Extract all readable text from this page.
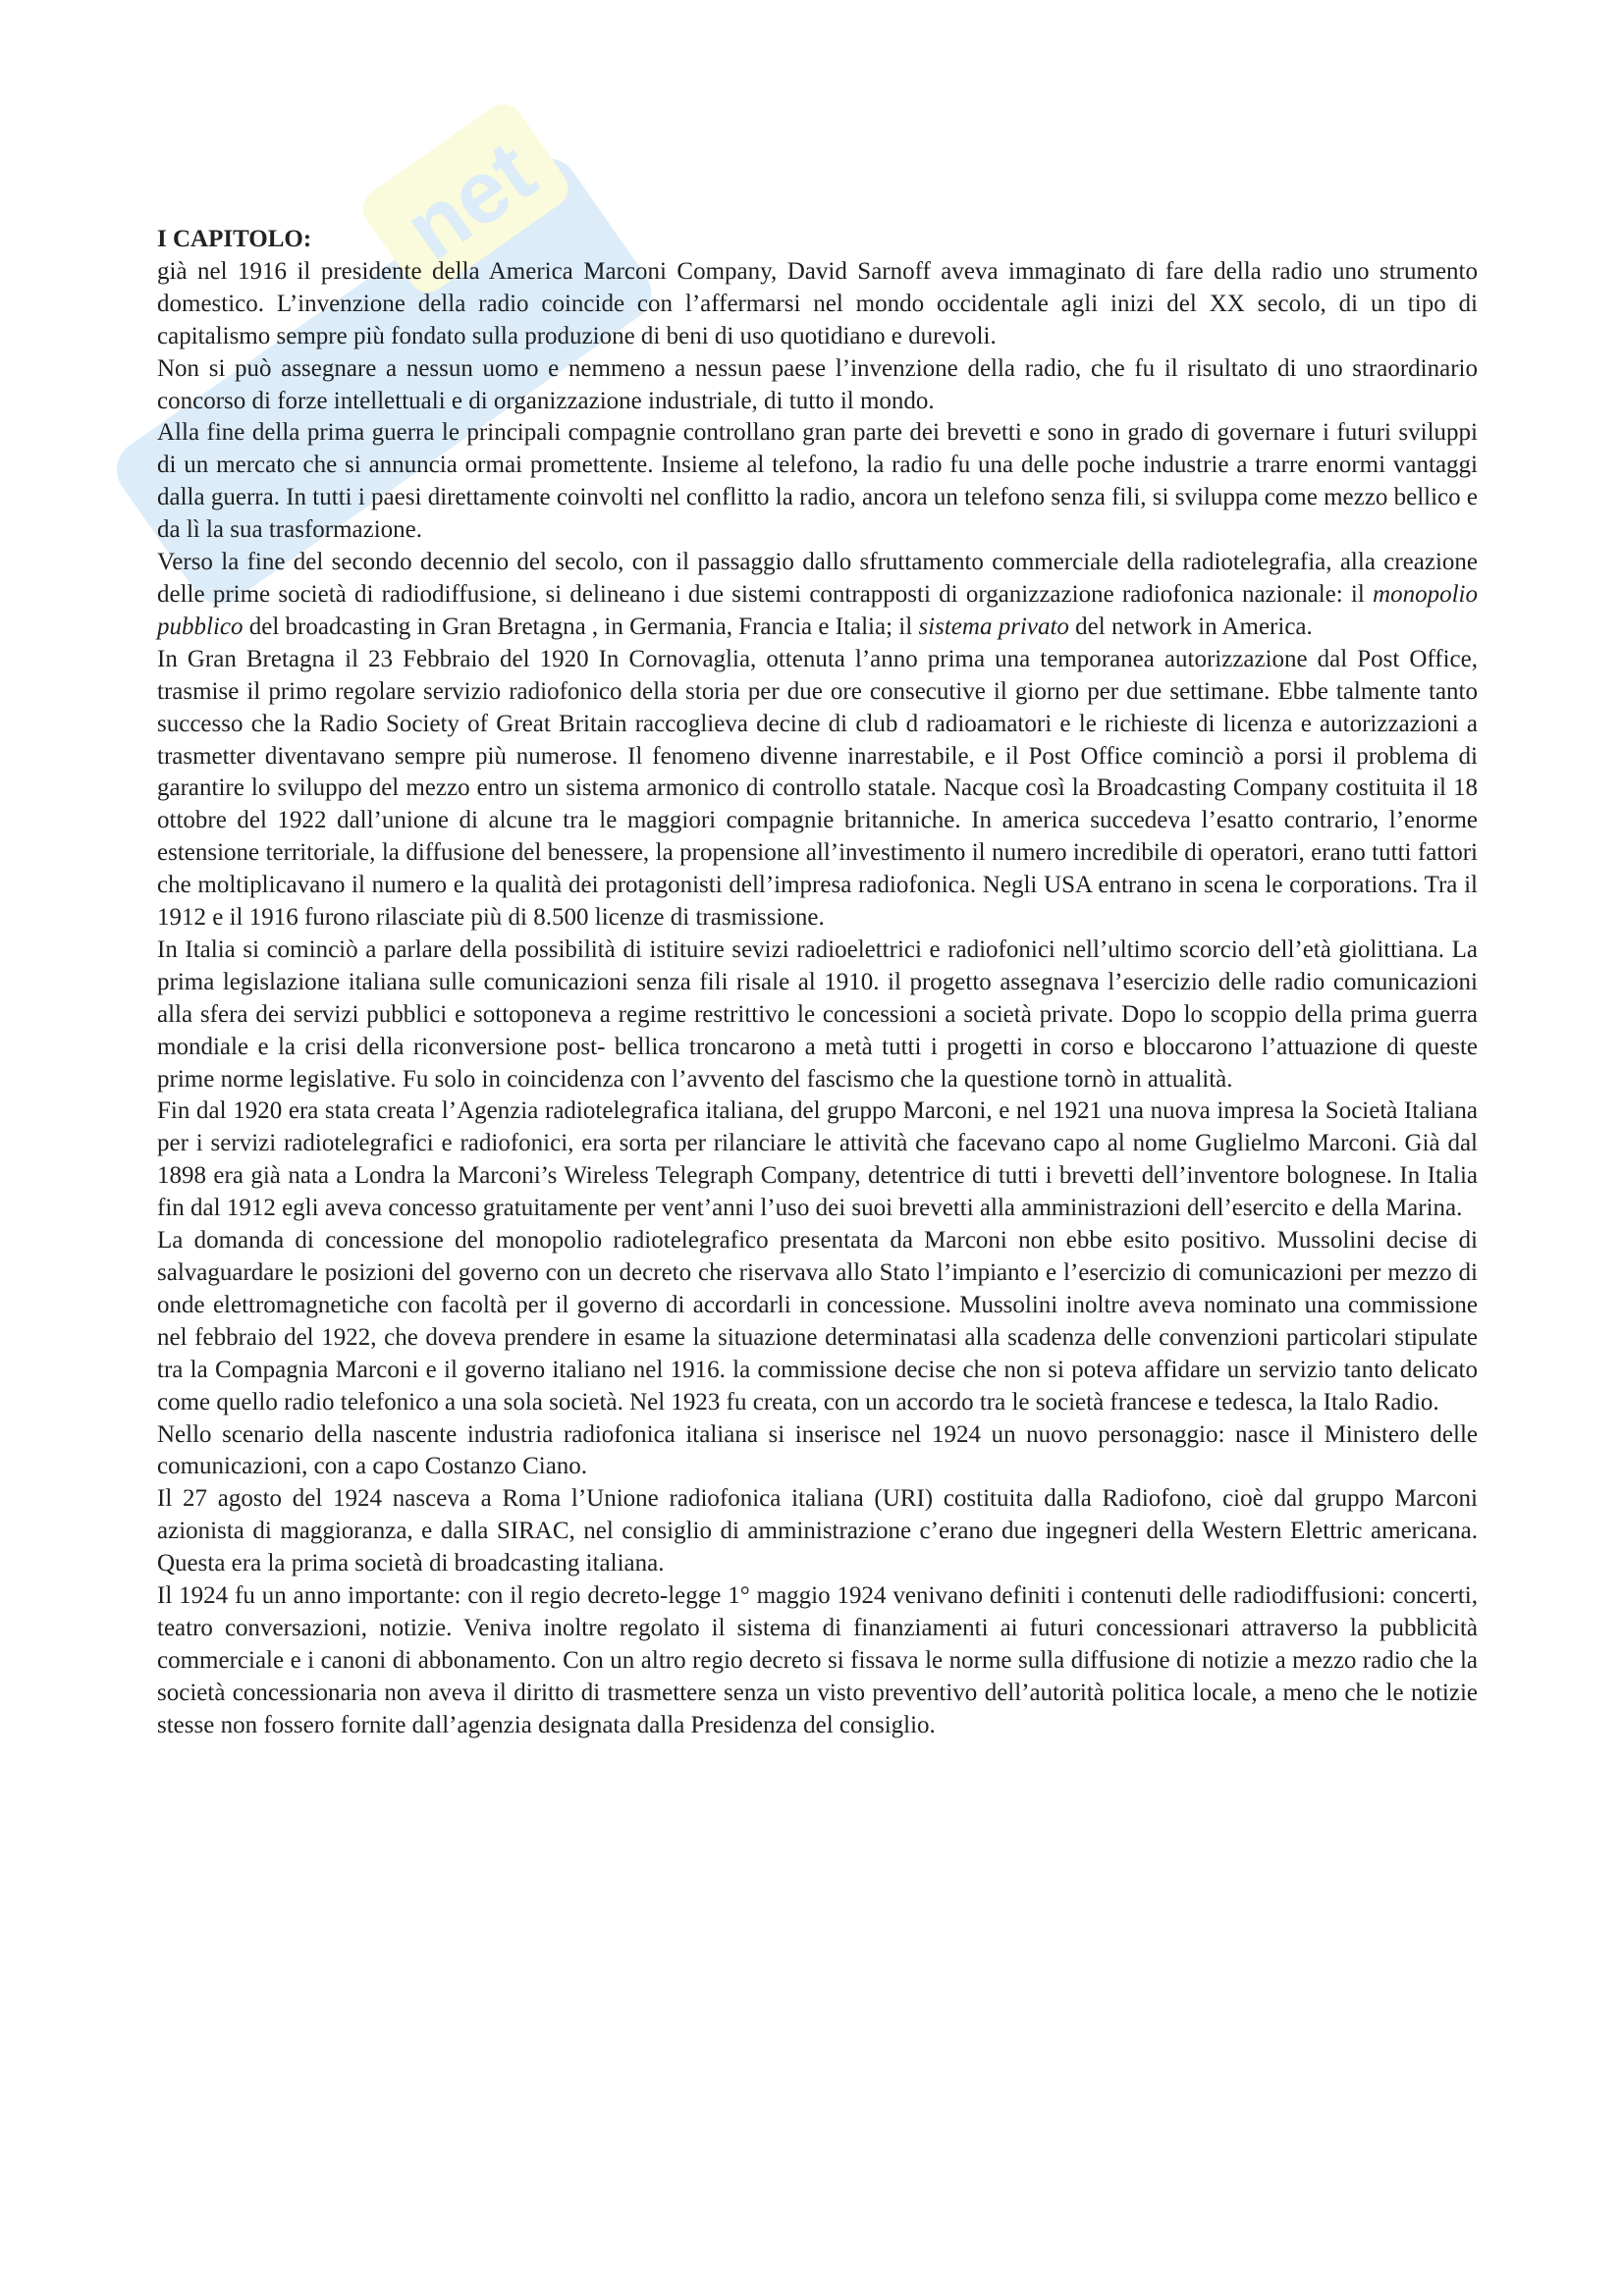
net

I CAPITOLO:

già nel 1916 il presidente della America Marconi Company, David Sarnoff aveva immaginato di fare della radio uno strumento domestico. L’invenzione della radio coincide con l’affermarsi nel mondo occidentale agli inizi del XX secolo, di un tipo di capitalismo sempre più fondato sulla produzione di beni di uso quotidiano e durevoli.

Non si può assegnare a nessun uomo e nemmeno a nessun paese l’invenzione della radio, che fu il risultato di uno straordinario concorso di forze intellettuali e di organizzazione industriale, di tutto il mondo.

Alla fine della prima guerra le principali compagnie controllano gran parte dei brevetti e sono in grado di governare i futuri sviluppi di un mercato che si annuncia ormai promettente. Insieme al telefono, la radio fu una delle poche industrie a trarre enormi vantaggi dalla guerra. In tutti i paesi direttamente coinvolti nel conflitto la radio, ancora un telefono senza fili, si sviluppa come mezzo bellico e da lì la sua trasformazione.

Verso la fine del secondo decennio del secolo, con il passaggio dallo sfruttamento commerciale della radiotelegrafia, alla creazione delle prime società di radiodiffusione, si delineano i due sistemi contrapposti di organizzazione radiofonica nazionale: il monopolio pubblico del broadcasting in Gran Bretagna , in Germania, Francia e Italia; il sistema privato del network in America.

In Gran Bretagna il 23 Febbraio del 1920 In Cornovaglia, ottenuta l’anno prima una temporanea autorizzazione dal Post Office, trasmise il primo regolare servizio radiofonico della storia per due ore consecutive il giorno per due settimane. Ebbe talmente tanto successo che la Radio Society of Great Britain raccoglieva decine di club d radioamatori e le richieste di licenza e autorizzazioni a trasmetter diventavano sempre più numerose. Il fenomeno divenne inarrestabile, e il Post Office cominciò a porsi il problema di garantire lo sviluppo del mezzo entro un sistema armonico di controllo statale. Nacque così la Broadcasting Company costituita il 18 ottobre del 1922 dall’unione di alcune tra le maggiori compagnie britanniche. In america succedeva l’esatto contrario, l’enorme estensione territoriale, la diffusione del benessere, la propensione all’investimento il numero incredibile di operatori, erano tutti fattori che moltiplicavano il numero e la qualità dei protagonisti dell’impresa radiofonica. Negli USA entrano in scena le corporations. Tra il 1912 e il 1916 furono rilasciate più di 8.500 licenze di trasmissione.

In Italia si cominciò a parlare della possibilità di istituire sevizi radioelettrici e radiofonici nell’ultimo scorcio dell’età giolittiana. La prima legislazione italiana sulle comunicazioni senza fili risale al 1910. il progetto assegnava l’esercizio delle radio comunicazioni alla sfera dei servizi pubblici e sottoponeva a regime restrittivo le concessioni a società private. Dopo lo scoppio della prima guerra mondiale e la crisi della riconversione post- bellica troncarono a metà tutti i progetti in corso e bloccarono l’attuazione di queste prime norme legislative. Fu solo in coincidenza con l’avvento del fascismo che la questione tornò in attualità.

Fin dal 1920 era stata creata l’Agenzia radiotelegrafica italiana, del gruppo Marconi, e nel 1921 una nuova impresa la Società Italiana per i servizi radiotelegrafici e radiofonici, era sorta per rilanciare le attività che facevano capo al nome Guglielmo Marconi. Già dal 1898 era già nata a Londra la Marconi’s Wireless Telegraph Company, detentrice di tutti i brevetti dell’inventore bolognese. In Italia fin dal 1912 egli aveva concesso gratuitamente per vent’anni l’uso dei suoi brevetti alla amministrazioni dell’esercito e della Marina.

La domanda di concessione del monopolio radiotelegrafico presentata da Marconi non ebbe esito positivo. Mussolini decise di salvaguardare le posizioni del governo con un decreto che riservava allo Stato l’impianto e l’esercizio di comunicazioni per mezzo di onde elettromagnetiche con facoltà per il governo di accordarli in concessione. Mussolini inoltre aveva nominato una commissione nel febbraio del 1922, che doveva prendere in esame la situazione determinatasi alla scadenza delle convenzioni particolari stipulate tra la Compagnia Marconi e il governo italiano nel 1916. la commissione decise che non si poteva affidare un servizio tanto delicato come quello radio telefonico a una sola società. Nel 1923 fu creata, con un accordo tra le società francese e tedesca, la Italo Radio.

Nello scenario della nascente industria radiofonica italiana si inserisce nel 1924 un nuovo personaggio: nasce il Ministero delle comunicazioni, con a capo Costanzo Ciano.

Il 27 agosto del 1924 nasceva a Roma l’Unione radiofonica italiana (URI) costituita dalla Radiofono, cioè dal gruppo Marconi azionista di maggioranza, e dalla SIRAC, nel consiglio di amministrazione c’erano due ingegneri della Western Elettric americana. Questa era la prima società di broadcasting italiana.

Il 1924 fu un anno importante: con il regio decreto-legge 1° maggio 1924 venivano definiti i contenuti delle radiodiffusioni: concerti, teatro conversazioni, notizie. Veniva inoltre regolato il sistema di finanziamenti ai futuri concessionari attraverso la pubblicità commerciale e i canoni di abbonamento. Con un altro regio decreto si fissava le norme sulla diffusione di notizie a mezzo radio che la società concessionaria non aveva il diritto di trasmettere senza un visto preventivo dell’autorità politica locale, a meno che le notizie stesse non fossero fornite dall’agenzia designata dalla Presidenza del consiglio.
